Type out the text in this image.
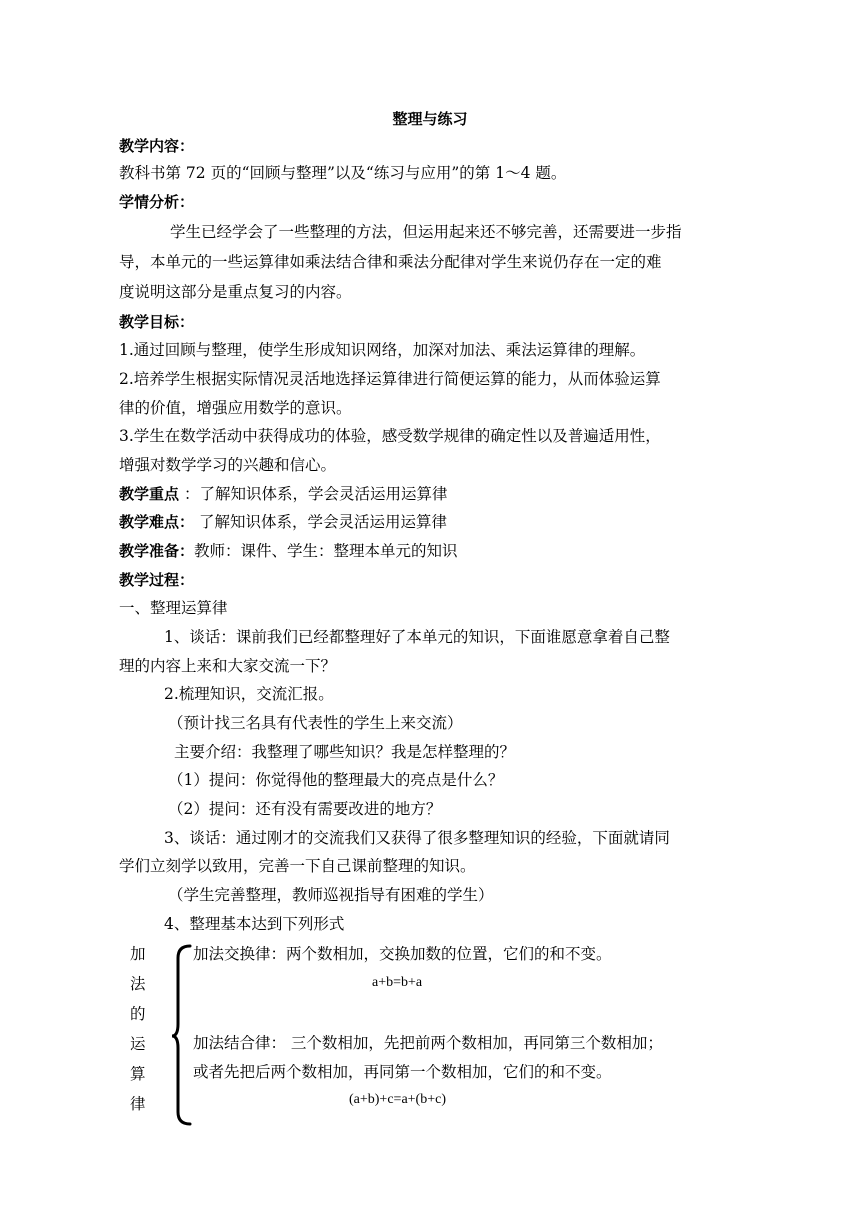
整理与练习
教学内容：
教科书第 72 页的“回顾与整理”以及“练习与应用”的第 1～4 题。
学情分析：
学生已经学会了一些整理的方法，但运用起来还不够完善，还需要进一步指
导，本单元的一些运算律如乘法结合律和乘法分配律对学生来说仍存在一定的难
度说明这部分是重点复习的内容。
教学目标：
1.通过回顾与整理，使学生形成知识网络，加深对加法、乘法运算律的理解。
2.培养学生根据实际情况灵活地选择运算律进行简便运算的能力，从而体验运算
律的价值，增强应用数学的意识。
3.学生在数学活动中获得成功的体验，感受数学规律的确定性以及普遍适用性，
增强对数学学习的兴趣和信心。
教学重点 ：了解知识体系，学会灵活运用运算律
教学难点： 了解知识体系，学会灵活运用运算律
教学准备：教师：课件、学生：整理本单元的知识
教学过程：
一、整理运算律
1、谈话：课前我们已经都整理好了本单元的知识，下面谁愿意拿着自己整
理的内容上来和大家交流一下？
2.梳理知识，交流汇报。
（预计找三名具有代表性的学生上来交流）
主要介绍：我整理了哪些知识？我是怎样整理的？
（1）提问：你觉得他的整理最大的亮点是什么？
（2）提问：还有没有需要改进的地方？
3、谈话：通过刚才的交流我们又获得了很多整理知识的经验，下面就请同
学们立刻学以致用，完善一下自己课前整理的知识。
（学生完善整理，教师巡视指导有困难的学生）
4、整理基本达到下列形式
加
法
的
运
算
律
加法交换律：两个数相加，交换加数的位置，它们的和不变。
a+b=b+a
加法结合律： 三个数相加，先把前两个数相加，再同第三个数相加；
或者先把后两个数相加，再同第一个数相加，它们的和不变。
(a+b)+c=a+(b+c)
